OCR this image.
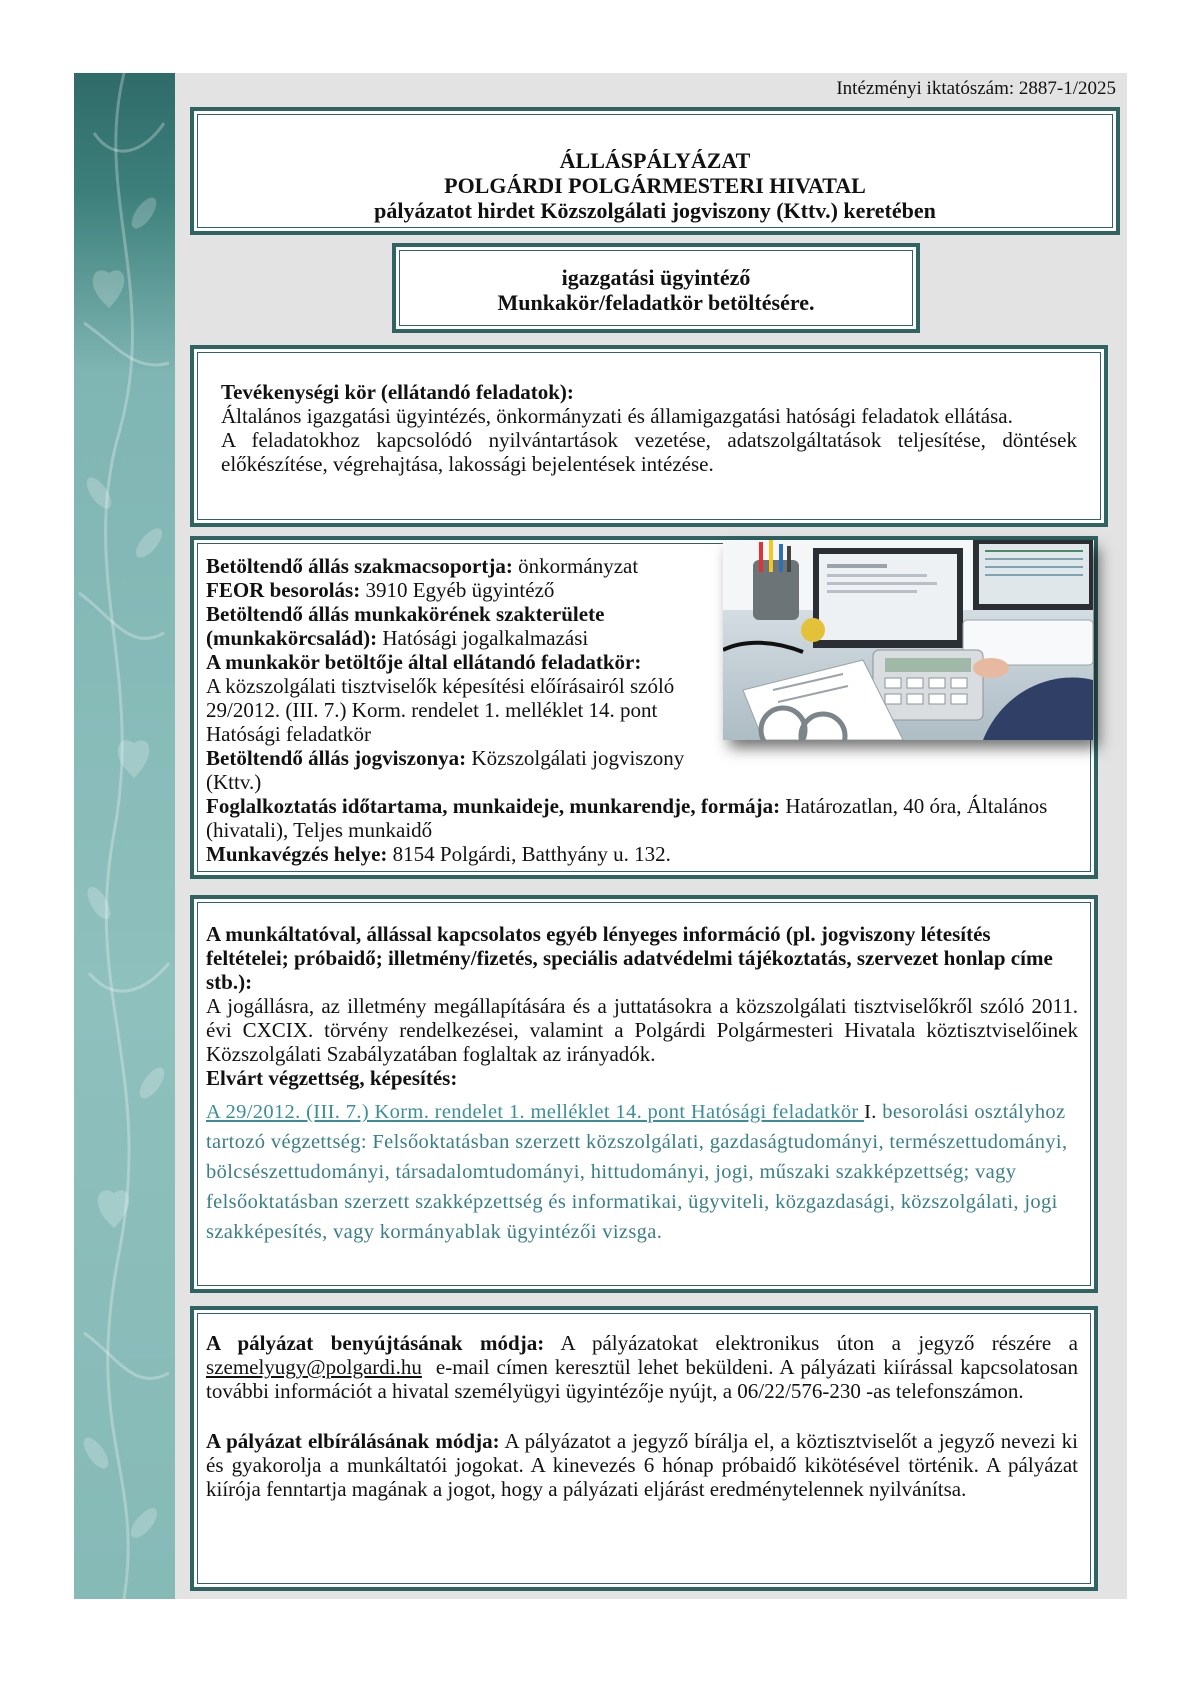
Intézményi iktatószám: 2887-1/2025
ÁLLÁSPÁLYÁZAT
POLGÁRDI POLGÁRMESTERI HIVATAL
pályázatot hirdet Közszolgálati jogviszony (Kttv.) keretében
igazgatási ügyintéző
Munkakör/feladatkör betöltésére.

Tevékenységi kör (ellátandó feladatok):

Általános igazgatási ügyintézés, önkormányzati és államigazgatási hatósági feladatok ellátása.

A feladatokhoz kapcsolódó nyilvántartások vezetése, adatszolgáltatások teljesítése, döntések előkészítése, végrehajtása, lakossági bejelentések intézése.

Betöltendő állás szakmacsoportja: önkormányzat

FEOR besorolás: 3910 Egyéb ügyintéző

Betöltendő állás munkakörének szakterülete (munkakörcsalád): Hatósági jogalkalmazási

A munkakör betöltője által ellátandó feladatkör:

A közszolgálati tisztviselők képesítési előírásairól szóló 29/2012. (III. 7.) Korm. rendelet 1. melléklet 14. pont Hatósági feladatkör

Betöltendő állás jogviszonya: Közszolgálati jogviszony (Kttv.)

Foglalkoztatás időtartama, munkaideje, munkarendje, formája: Határozatlan, 40 óra, Általános (hivatali), Teljes munkaidő

Munkavégzés helye: 8154 Polgárdi, Batthyány u. 132.

A munkáltatóval, állással kapcsolatos egyéb lényeges információ (pl. jogviszony létesítés feltételei; próbaidő; illetmény/fizetés, speciális adatvédelmi tájékoztatás, szervezet honlap címe stb.):

A jogállásra, az illetmény megállapítására és a juttatásokra a közszolgálati tisztviselőkről szóló 2011. évi CXCIX. törvény rendelkezései, valamint a Polgárdi Polgármesteri Hivatala köztisztviselőinek Közszolgálati Szabályzatában foglaltak az irányadók.

Elvárt végzettség, képesítés:

A 29/2012. (III. 7.) Korm. rendelet 1. melléklet 14. pont Hatósági feladatkör I. besorolási osztályhoz tartozó végzettség: Felsőoktatásban szerzett közszolgálati, gazdaságtudományi, természettudományi, bölcsészettudományi, társadalomtudományi, hittudományi, jogi, műszaki szakképzettség; vagy felsőoktatásban szerzett szakképzettség és informatikai, ügyviteli, közgazdasági, közszolgálati, jogi szakképesítés, vagy kormányablak ügyintézői vizsga.

A pályázat benyújtásának módja: A pályázatokat elektronikus úton a jegyző részére a szemelyugy@polgardi.hu  e-mail címen keresztül lehet beküldeni. A pályázati kiírással kapcsolatosan további információt a hivatal személyügyi ügyintézője nyújt, a 06/22/576-230 -as telefonszámon.

A pályázat elbírálásának módja: A pályázatot a jegyző bírálja el, a köztisztviselőt a jegyző nevezi ki és gyakorolja a munkáltatói jogokat. A kinevezés 6 hónap próbaidő kikötésével történik. A pályázat kiírója fenntartja magának a jogot, hogy a pályázati eljárást eredménytelennek nyilvánítsa.
